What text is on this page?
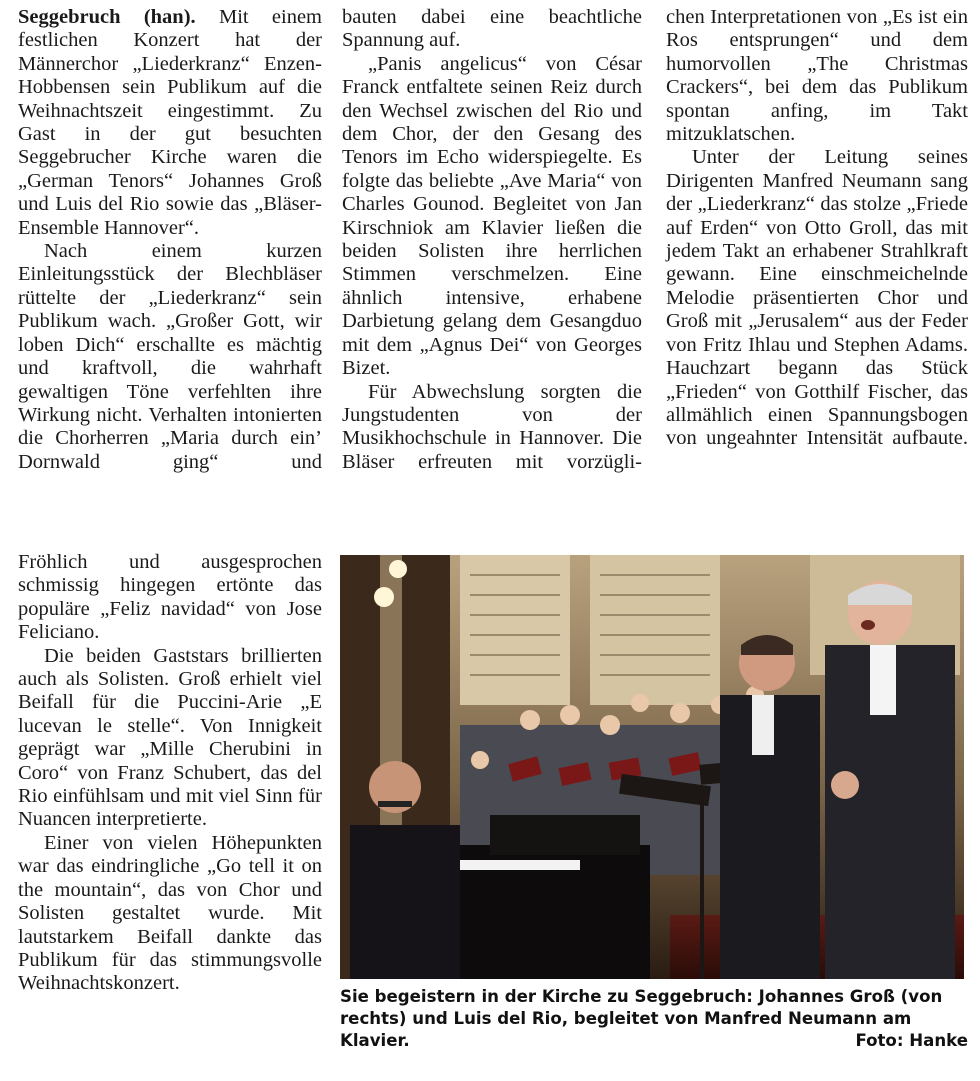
Seggebruch (han). Mit einem festlichen Konzert hat der Männerchor „Liederkranz“ Enzen-Hobbensen sein Publikum auf die Weihnachtszeit eingestimmt. Zu Gast in der gut besuchten Seggebrucher Kirche waren die „German Tenors“ Johannes Groß und Luis del Rio sowie das „Bläser-Ensemble Hannover“.

Nach einem kurzen Einleitungsstück der Blechbläser rüttelte der „Liederkranz“ sein Publikum wach. „Großer Gott, wir loben Dich“ erschallte es mächtig und kraftvoll, die wahrhaft gewaltigen Töne verfehlten ihre Wirkung nicht. Verhalten intonierten die Chorherren „Maria durch ein’ Dornwald ging“ und

bauten dabei eine beachtliche Spannung auf.

„Panis angelicus“ von César Franck entfaltete seinen Reiz durch den Wechsel zwischen del Rio und dem Chor, der den Gesang des Tenors im Echo widerspiegelte. Es folgte das beliebte „Ave Maria“ von Charles Gounod. Begleitet von Jan Kirschniok am Klavier ließen die beiden Solisten ihre herrlichen Stimmen verschmelzen. Eine ähnlich intensive, erhabene Darbietung gelang dem Gesangduo mit dem „Agnus Dei“ von Georges Bizet.

Für Abwechslung sorgten die Jungstudenten von der Musikhochschule in Hannover. Die Bläser erfreuten mit vorzügli-

chen Interpretationen von „Es ist ein Ros entsprungen“ und dem humorvollen „The Christmas Crackers“, bei dem das Publikum spontan anfing, im Takt mitzuklatschen.

Unter der Leitung seines Dirigenten Manfred Neumann sang der „Liederkranz“ das stolze „Friede auf Erden“ von Otto Groll, das mit jedem Takt an erhabener Strahlkraft gewann. Eine einschmeichelnde Melodie präsentierten Chor und Groß mit „Jerusalem“ aus der Feder von Fritz Ihlau und Stephen Adams. Hauchzart begann das Stück „Frieden“ von Gotthilf Fischer, das allmählich einen Spannungsbogen von ungeahnter Intensität aufbaute.

Fröhlich und ausgesprochen schmissig hingegen ertönte das populäre „Feliz navidad“ von Jose Feliciano.

Die beiden Gaststars brillierten auch als Solisten. Groß erhielt viel Beifall für die Puccini-Arie „E lucevan le stelle“. Von Innigkeit geprägt war „Mille Cherubini in Coro“ von Franz Schubert, das del Rio einfühlsam und mit viel Sinn für Nuancen interpretierte.

Einer von vielen Höhepunkten war das eindringliche „Go tell it on the mountain“, das von Chor und Solisten gestaltet wurde. Mit lautstarkem Beifall dankte das Publikum für das stimmungsvolle Weihnachtskonzert.

Sie begeistern in der Kirche zu Seggebruch: Johannes Groß (von rechts) und Luis del Rio, begleitet von Manfred Neumann am Klavier.	Foto: Hanke
